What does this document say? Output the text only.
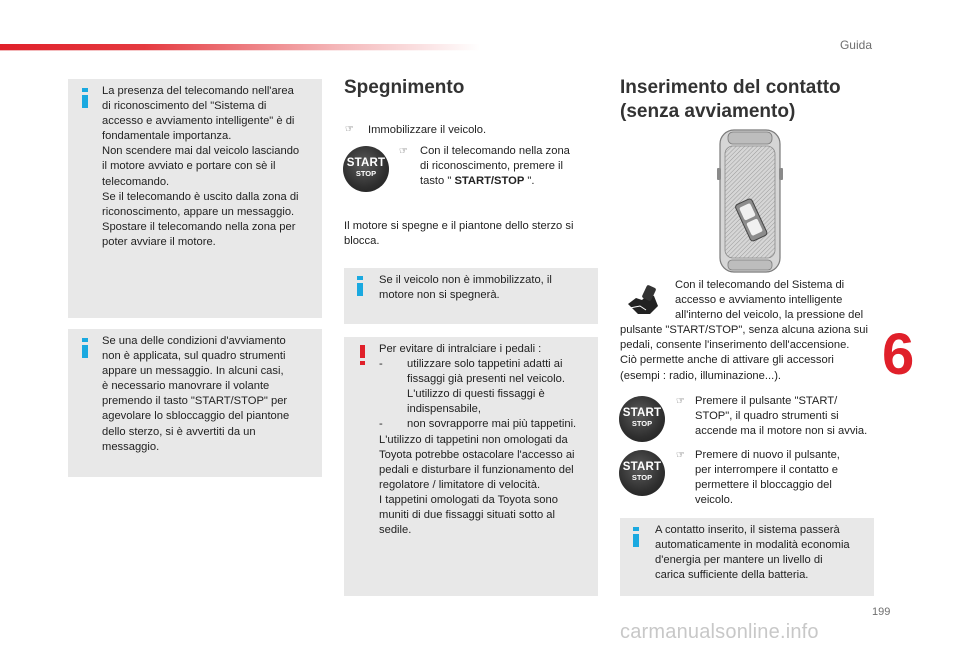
Guida
6
La presenza del telecomando nell'area
di riconoscimento del "Sistema di
accesso e avviamento intelligente" è di
fondamentale importanza.
Non scendere mai dal veicolo lasciando
il motore avviato e portare con sè il
telecomando.
Se il telecomando è uscito dalla zona di
riconoscimento, appare un messaggio.
Spostare il telecomando nella zona per
poter avviare il motore.
Se una delle condizioni d'avviamento
non è applicata, sul quadro strumenti
appare un messaggio. In alcuni casi,
è necessario manovrare il volante
premendo il tasto "START/STOP" per
agevolare lo sbloccaggio del piantone
dello sterzo, si è avvertiti da un
messaggio.
Spegnimento
☞ Immobilizzare il veicolo.
START
STOP
☞ Con il telecomando nella zona
di riconoscimento, premere il
tasto " START/STOP ".
Il motore si spegne e il piantone dello sterzo si
blocca.
Se il veicolo non è immobilizzato, il
motore non si spegnerà.
Per evitare di intralciare i pedali :
- utilizzare solo tappetini adatti ai
fissaggi già presenti nel veicolo.
L'utilizzo di questi fissaggi è
indispensabile,
- non sovrapporre mai più tappetini.
L'utilizzo di tappetini non omologati da
Toyota potrebbe ostacolare l'accesso ai
pedali e disturbare il funzionamento del
regolatore / limitatore di velocità.
I tappetini omologati da Toyota sono
muniti di due fissaggi situati sotto al
sedile.
Inserimento del contatto
(senza avviamento)
Con il telecomando del Sistema di
accesso e avviamento intelligente
all'interno del veicolo, la pressione del
pulsante "START/STOP", senza alcuna aziona sui
pedali, consente l'inserimento dell'accensione.
Ciò permette anche di attivare gli accessori
(esempi : radio, illuminazione...).
START
STOP
☞ Premere il pulsante "START/
STOP", il quadro strumenti si
accende ma il motore non si avvia.
START
STOP
☞ Premere di nuovo il pulsante,
per interrompere il contatto e
permettere il bloccaggio del
veicolo.
A contatto inserito, il sistema passerà
automaticamente in modalità economia
d'energia per mantere un livello di
carica sufficiente della batteria.
199
carmanualsonline.info
